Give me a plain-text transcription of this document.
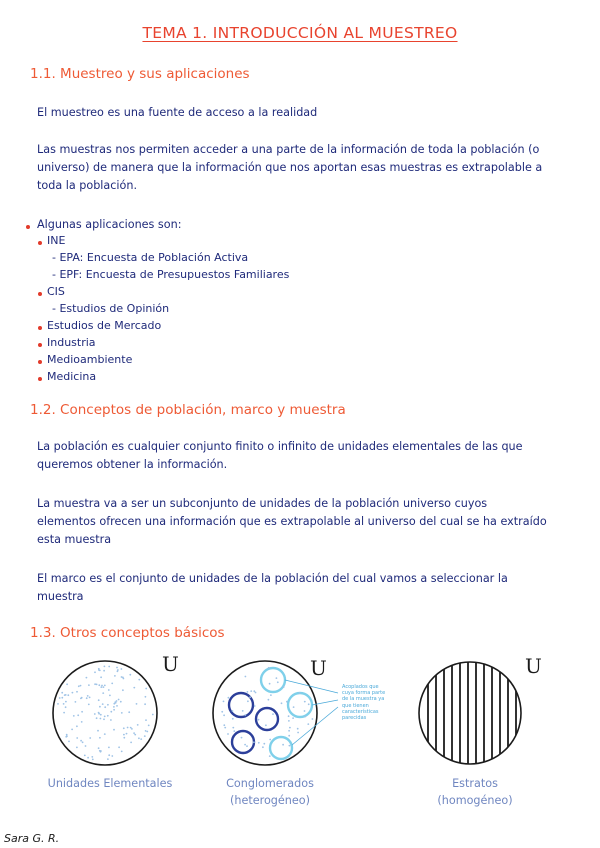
TEMA 1. INTRODUCCIÓN AL MUESTREO
1.1. Muestreo y sus aplicaciones
El muestreo es una fuente de acceso a la realidad
Las muestras nos permiten acceder a una parte de la información de toda la población (o
universo) de manera que la información que nos aportan esas muestras es extrapolable a
toda la población.
Algunas aplicaciones son:
INE
- EPA: Encuesta de Población Activa
- EPF: Encuesta de Presupuestos Familiares
CIS
- Estudios de Opinión
Estudios de Mercado
Industria
Medioambiente
Medicina
1.2. Conceptos de población, marco y muestra
La población es cualquier conjunto finito o infinito de unidades elementales de las que
queremos obtener la información.
La muestra va a ser un subconjunto de unidades de la población universo cuyos
elementos ofrecen una información que es extrapolable al universo del cual se ha extraído
esta muestra
El marco es el conjunto de unidades de la población del cual vamos a seleccionar la
muestra
1.3. Otros conceptos básicos
U	U
Acoplados que
cuya forma parte
de la muestra ya
que tienen
características
parecidas
U
Unidades Elementales	Conglomerados
(heterogéneo)
Estratos
(homogéneo)
Sara G. R.
